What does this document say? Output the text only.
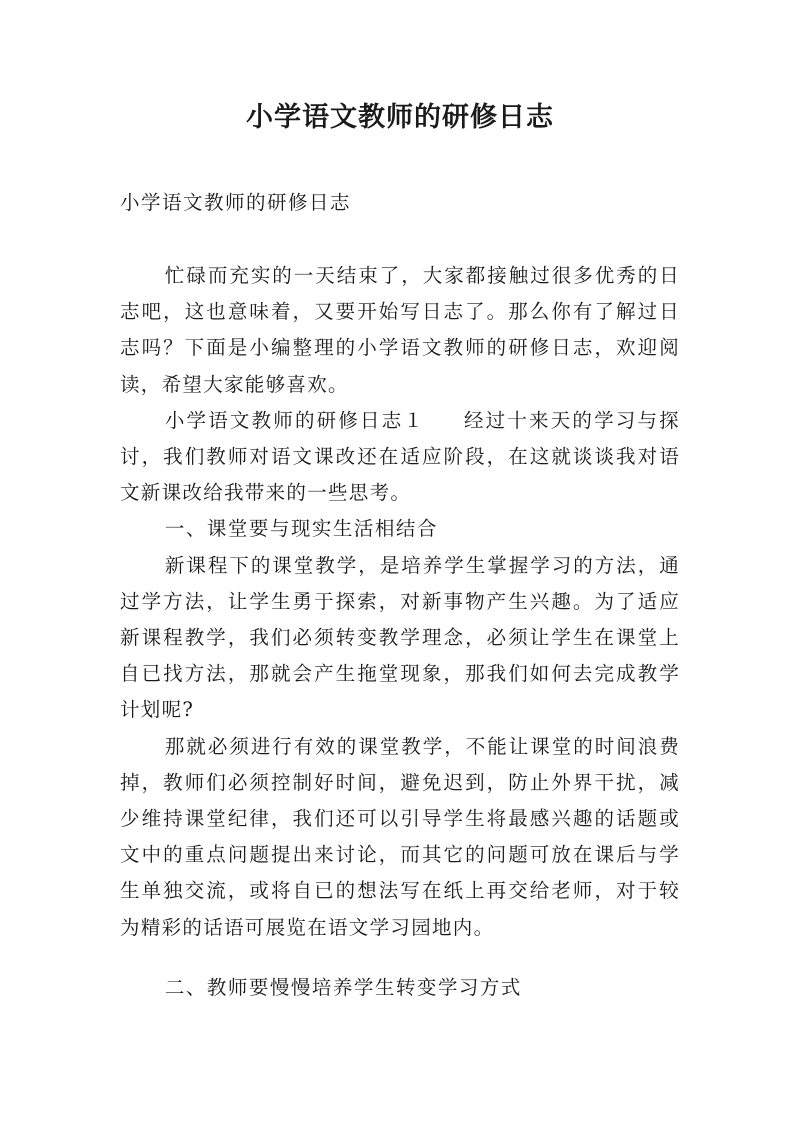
小学语文教师的研修日志

小学语文教师的研修日志

忙碌而充实的一天结束了，大家都接触过很多优秀的日志吧，这也意味着，又要开始写日志了。那么你有了解过日志吗？下面是小编整理的小学语文教师的研修日志，欢迎阅读，希望大家能够喜欢。

小学语文教师的研修日志１ 经过十来天的学习与探讨，我们教师对语文课改还在适应阶段，在这就谈谈我对语文新课改给我带来的一些思考。

一、课堂要与现实生活相结合

新课程下的课堂教学，是培养学生掌握学习的方法，通过学方法，让学生勇于探索，对新事物产生兴趣。为了适应新课程教学，我们必须转变教学理念，必须让学生在课堂上自已找方法，那就会产生拖堂现象，那我们如何去完成教学计划呢?

那就必须进行有效的课堂教学，不能让课堂的时间浪费掉，教师们必须控制好时间，避免迟到，防止外界干扰，减少维持课堂纪律，我们还可以引导学生将最感兴趣的话题或文中的重点问题提出来讨论，而其它的问题可放在课后与学生单独交流，或将自已的想法写在纸上再交给老师，对于较为精彩的话语可展览在语文学习园地内。

二、教师要慢慢培养学生转变学习方式
